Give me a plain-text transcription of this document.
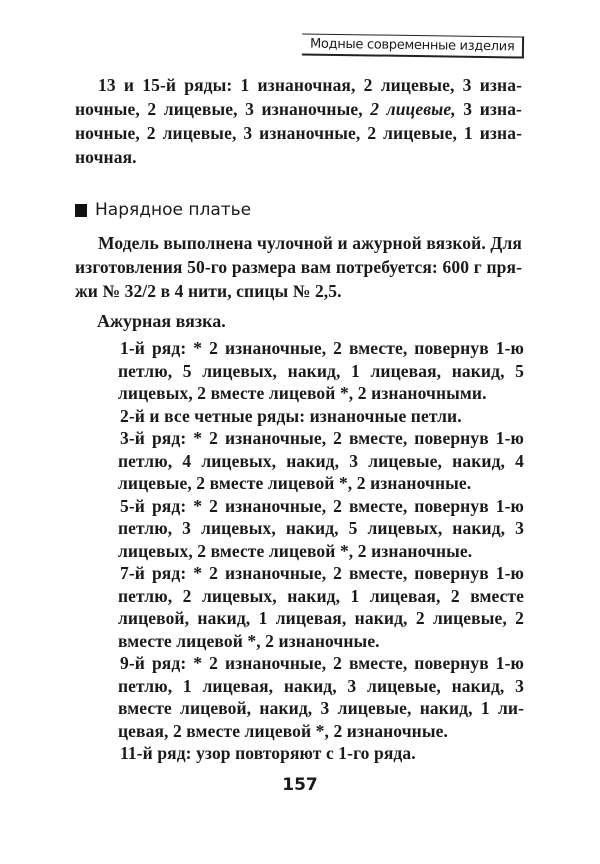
Модные современные изделия
13 и 15-й ряды: 1 изнаночная, 2 лицевые, 3 изна-
ночные, 2 лицевые, 3 изнаночные, 2 лицевые, 3 изна-
ночные, 2 лицевые, 3 изнаночные, 2 лицевые, 1 изна-
ночная.
Нарядное платье
Модель выполнена чулочной и ажурной вязкой. Для
изготовления 50-го размера вам потребуется: 600 г пря-
жи № 32/2 в 4 нити, спицы № 2,5.
Ажурная вязка.
1-й ряд: * 2 изнаночные, 2 вместе, повернув 1-ю
петлю, 5 лицевых, накид, 1 лицевая, накид, 5
лицевых, 2 вместе лицевой *, 2 изнаночными.
2-й и все четные ряды: изнаночные петли.
3-й ряд: * 2 изнаночные, 2 вместе, повернув 1-ю
петлю, 4 лицевых, накид, 3 лицевые, накид, 4
лицевые, 2 вместе лицевой *, 2 изнаночные.
5-й ряд: * 2 изнаночные, 2 вместе, повернув 1-ю
петлю, 3 лицевых, накид, 5 лицевых, накид, 3
лицевых, 2 вместе лицевой *, 2 изнаночные.
7-й ряд: * 2 изнаночные, 2 вместе, повернув 1-ю
петлю, 2 лицевых, накид, 1 лицевая, 2 вместе
лицевой, накид, 1 лицевая, накид, 2 лицевые, 2
вместе лицевой *, 2 изнаночные.
9-й ряд: * 2 изнаночные, 2 вместе, повернув 1-ю
петлю, 1 лицевая, накид, 3 лицевые, накид, 3
вместе лицевой, накид, 3 лицевые, накид, 1 ли-
цевая, 2 вместе лицевой *, 2 изнаночные.
11-й ряд: узор повторяют с 1-го ряда.
157
